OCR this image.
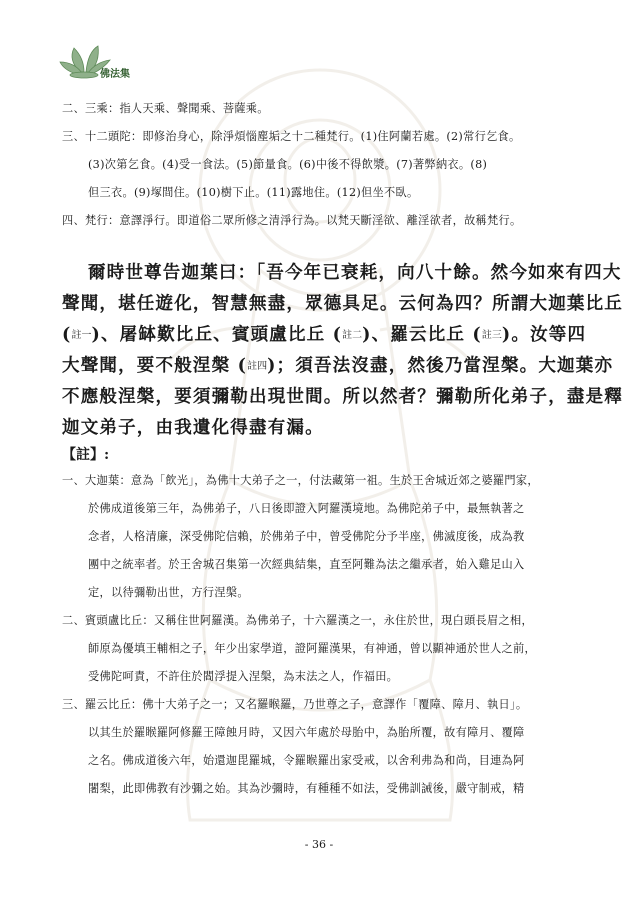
佛法集
二、三乘：指人天乘、聲聞乘、菩薩乘。
三、十二頭陀：即修治身心，除淨煩惱塵垢之十二種梵行。(1)住阿蘭若處。(2)常行乞食。
(3)次第乞食。(4)受一食法。(5)節量食。(6)中後不得飲漿。(7)著弊納衣。(8)
但三衣。(9)塚間住。(10)樹下止。(11)露地住。(12)但坐不臥。
四、梵行：意譯淨行。即道俗二眾所修之清淨行為。以梵天斷淫欲、離淫欲者，故稱梵行。
爾時世尊告迦葉曰：「吾今年已衰耗，向八十餘。然今如來有四大
聲聞，堪任遊化，智慧無盡，眾德具足。云何為四？所謂大迦葉比丘
(註一)、屠缽歎比丘、賓頭盧比丘 (註二)、羅云比丘 (註三)。汝等四
大聲聞，要不般涅槃 (註四)；須吾法沒盡，然後乃當涅槃。大迦葉亦
不應般涅槃，要須彌勒出現世間。所以然者？彌勒所化弟子，盡是釋
迦文弟子，由我遺化得盡有漏。
【註】:
一、大迦葉：意為「飲光」，為佛十大弟子之一，付法藏第一祖。生於王舍城近郊之婆羅門家，
於佛成道後第三年，為佛弟子，八日後即證入阿羅漢境地。為佛陀弟子中，最無執著之
念者，人格清廉，深受佛陀信賴，於佛弟子中，曾受佛陀分予半座，佛滅度後，成為教
團中之統率者。於王舍城召集第一次經典結集，直至阿難為法之繼承者，始入雞足山入
定，以待彌勒出世，方行涅槃。
二、賓頭盧比丘：又稱住世阿羅漢。為佛弟子，十六羅漢之一，永住於世，現白頭長眉之相，
師原為優填王輔相之子，年少出家學道，證阿羅漢果，有神通，曾以顯神通於世人之前，
受佛陀呵責，不許住於閻浮提入涅槃，為末法之人，作福田。
三、羅云比丘：佛十大弟子之一；又名羅睺羅，乃世尊之子，意譯作「覆障、障月、執日」。
以其生於羅睺羅阿修羅王障蝕月時，又因六年處於母胎中，為胎所覆，故有障月、覆障
之名。佛成道後六年，始還迦毘羅城，令羅睺羅出家受戒，以舍利弗為和尚，目連為阿
闍梨，此即佛教有沙彌之始。其為沙彌時，有種種不如法，受佛訓誡後，嚴守制戒，精
- 36 -
